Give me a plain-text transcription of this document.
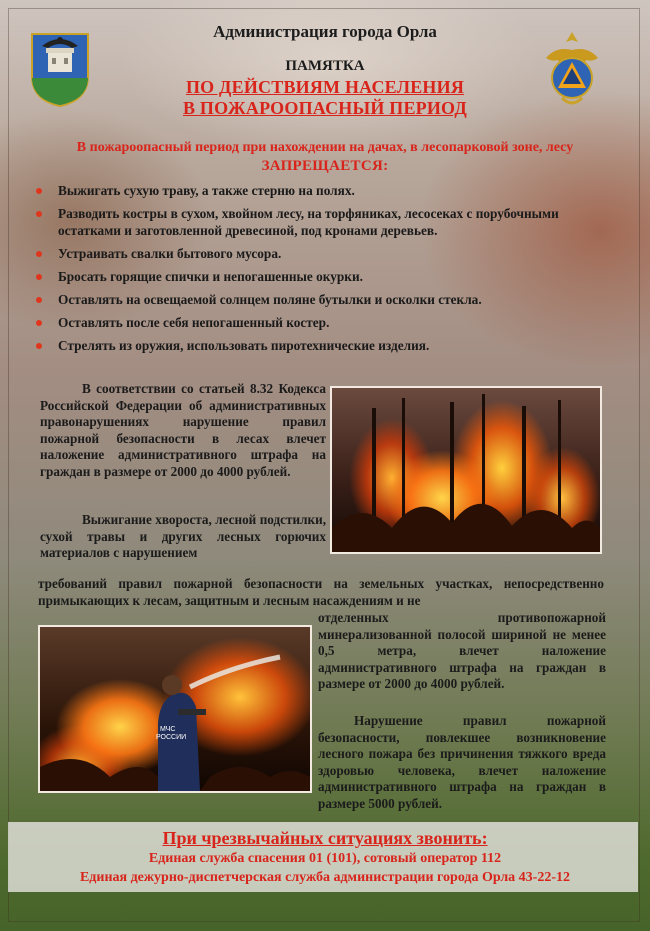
Администрация города Орла
ПАМЯТКА
ПО ДЕЙСТВИЯМ НАСЕЛЕНИЯ
В ПОЖАРООПАСНЫЙ ПЕРИОД
В пожароопасный период при нахождении на дачах, в лесопарковой зоне, лесу
ЗАПРЕЩАЕТСЯ:
Выжигать сухую траву, а также стерню на полях.
Разводить костры в сухом, хвойном лесу, на торфяниках, лесосеках с порубочными остатками и заготовленной древесиной, под кронами деревьев.
Устраивать свалки бытового мусора.
Бросать горящие спички и непогашенные окурки.
Оставлять на освещаемой солнцем поляне бутылки и осколки стекла.
Оставлять после себя непогашенный костер.
Стрелять из оружия, использовать пиротехнические изделия.
В соответствии со статьей 8.32 Кодекса Российской Федерации об административных правонарушениях нарушение правил пожарной безопасности в лесах влечет наложение административного штрафа на граждан в размере от 2000 до 4000 рублей.
Выжигание хвороста, лесной подстилки, сухой травы и других лесных горючих материалов с нарушением
требований правил пожарной безопасности на земельных участках, непосредственно примыкающих к лесам, защитным и лесным насаждениям и не
МЧС
РОССИИ
отделенных противопожарной минерализованной полосой шириной не менее 0,5 метра, влечет наложение административного штрафа на граждан в размере от 2000 до 4000 рублей.
Нарушение правил пожарной безопасности, повлекшее возникновение лесного пожара без причинения тяжкого вреда здоровью человека, влечет наложение административного штрафа на граждан в размере 5000 рублей.
При чрезвычайных ситуациях звонить:
Единая служба спасения 01 (101), сотовый оператор 112
Единая дежурно-диспетчерская служба администрации города Орла 43-22-12
